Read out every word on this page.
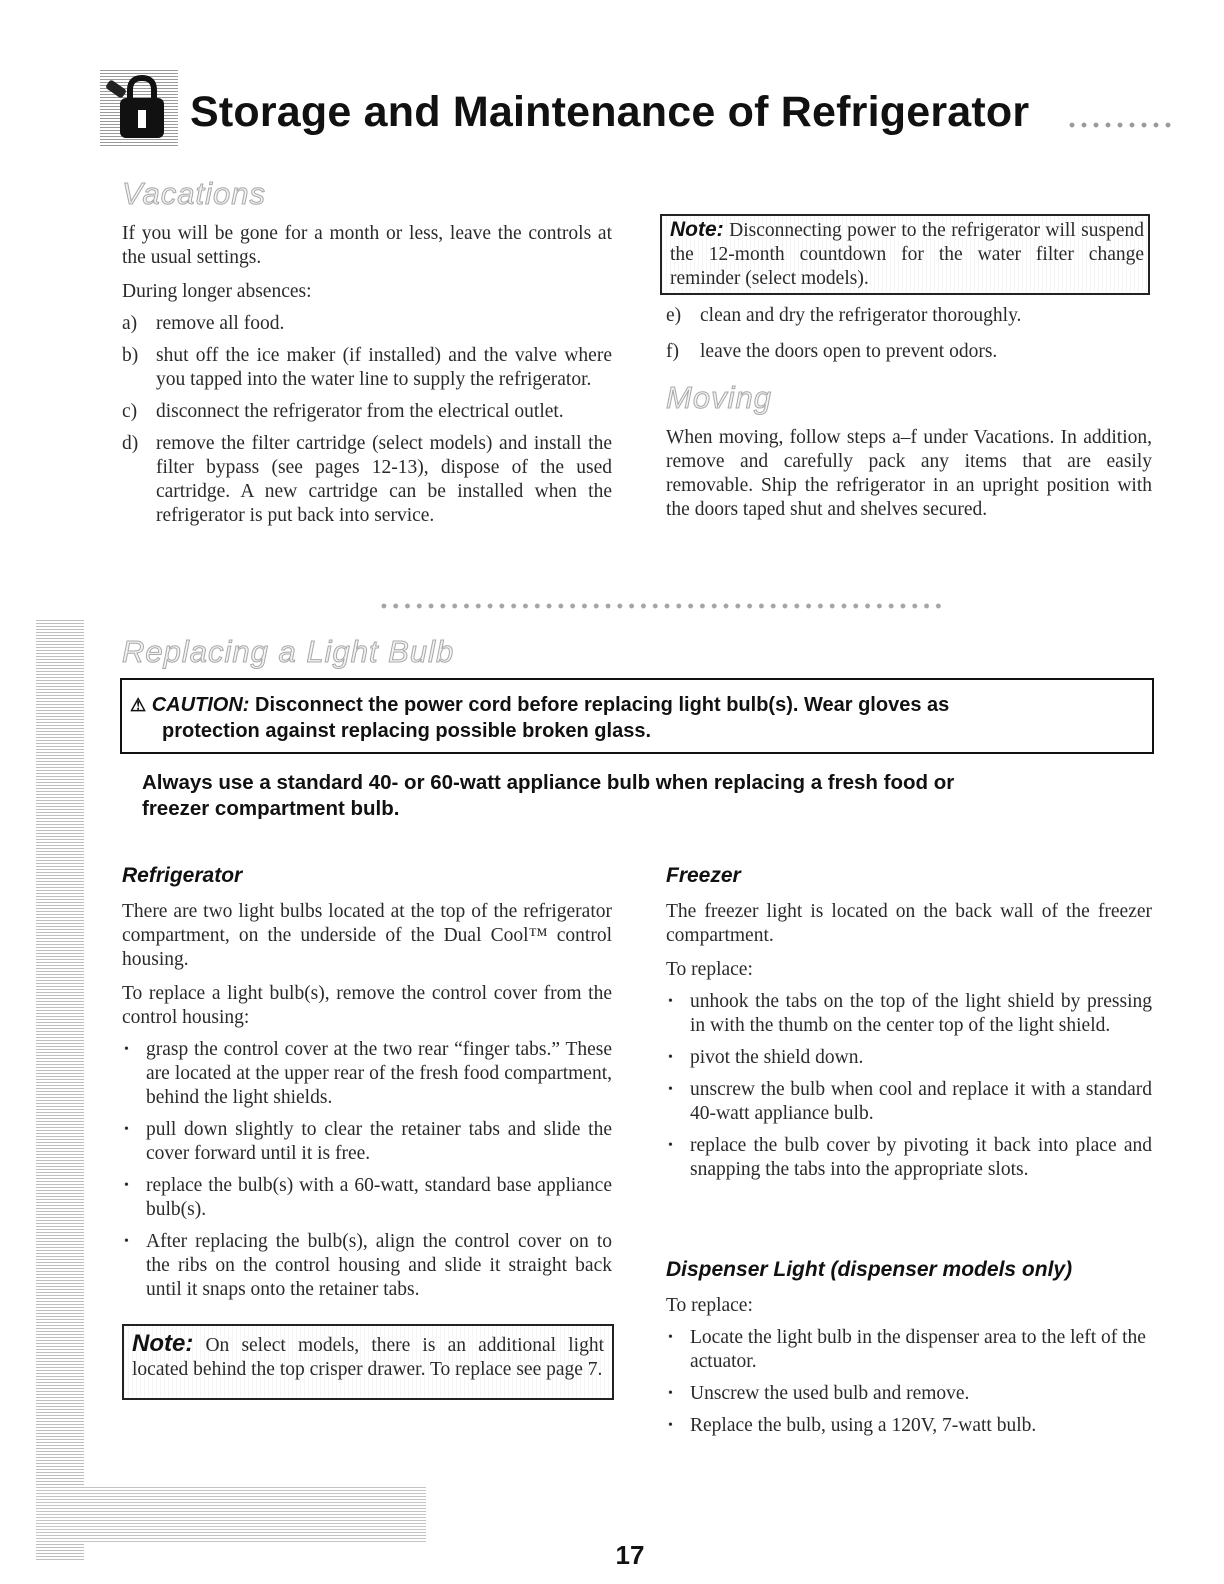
Storage and Maintenance of Refrigerator
Vacations

If you will be gone for a month or less, leave the controls at the usual settings.

During longer absences:

a) remove all food.
b) shut off the ice maker (if installed) and the valve where you tapped into the water line to supply the refrigerator.
c) disconnect the refrigerator from the electrical outlet.
d) remove the filter cartridge (select models) and install the filter bypass (see pages 12-13), dispose of the used cartridge. A new cartridge can be installed when the refrigerator is put back into service.
Note: Disconnecting power to the refrigerator will suspend the 12-month countdown for the water filter change reminder (select models).
e) clean and dry the refrigerator thoroughly.
f) leave the doors open to prevent odors.
Moving

When moving, follow steps a–f under Vacations. In addition, remove and carefully pack any items that are easily removable. Ship the refrigerator in an upright position with the doors taped shut and shelves secured.

Replacing a Light Bulb
⚠ CAUTION: Disconnect the power cord before replacing light bulb(s). Wear gloves as
protection against replacing possible broken glass.
Always use a standard 40- or 60-watt appliance bulb when replacing a fresh food or
freezer compartment bulb.
Refrigerator

There are two light bulbs located at the top of the refrigerator compartment, on the underside of the Dual Cool™ control housing.

To replace a light bulb(s), remove the control cover from the control housing:

• grasp the control cover at the two rear “finger tabs.” These are located at the upper rear of the fresh food compartment, behind the light shields.
• pull down slightly to clear the retainer tabs and slide the cover forward until it is free.
• replace the bulb(s) with a 60-watt, standard base appliance bulb(s).
• After replacing the bulb(s), align the control cover on to the ribs on the control housing and slide it straight back until it snaps onto the retainer tabs.
Note: On select models, there is an additional light located behind the top crisper drawer. To replace see page 7.
Freezer

The freezer light is located on the back wall of the freezer compartment.

To replace:

• unhook the tabs on the top of the light shield by pressing in with the thumb on the center top of the light shield.
• pivot the shield down.
• unscrew the bulb when cool and replace it with a standard 40-watt appliance bulb.
• replace the bulb cover by pivoting it back into place and snapping the tabs into the appropriate slots.
Dispenser Light (dispenser models only)

To replace:

• Locate the light bulb in the dispenser area to the left of the actuator.
• Unscrew the used bulb and remove.
• Replace the bulb, using a 120V, 7-watt bulb.
17
